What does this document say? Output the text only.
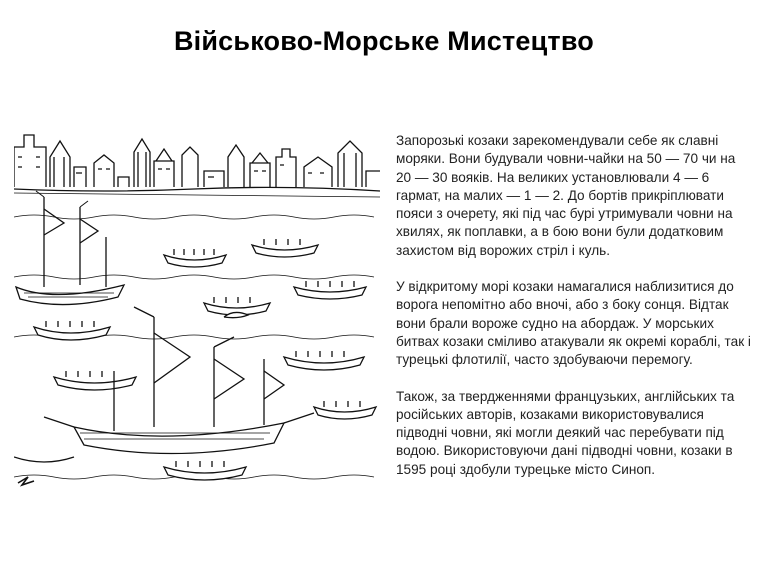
Військово-Морське Мистецтво

Запорозькі козаки зарекомендували себе як славні моряки. Вони будували човни-чайки на 50 — 70 чи на 20 — 30 вояків. На великих установлювали 4 — 6 гармат, на малих — 1 — 2. До бортів прикріплювати пояси з очерету, які під час бурі утримували човни на хвилях, як поплавки, а в бою вони були додатковим захистом від ворожих стріл і куль.

У відкритому морі козаки намагалися наблизитися до ворога непомітно або вночі, або з боку сонця. Відтак вони брали вороже судно на абордаж. У морських битвах козаки сміливо атакували як окремі кораблі, так і турецькі флотилії, часто здобуваючи перемогу.

Також, за твердженнями французьких, англійських та російських авторів, козаками використовувалися підводні човни, які могли деякий час перебувати під водою. Використовуючи дані підводні човни, козаки в 1595 році здобули турецьке місто Синоп.
